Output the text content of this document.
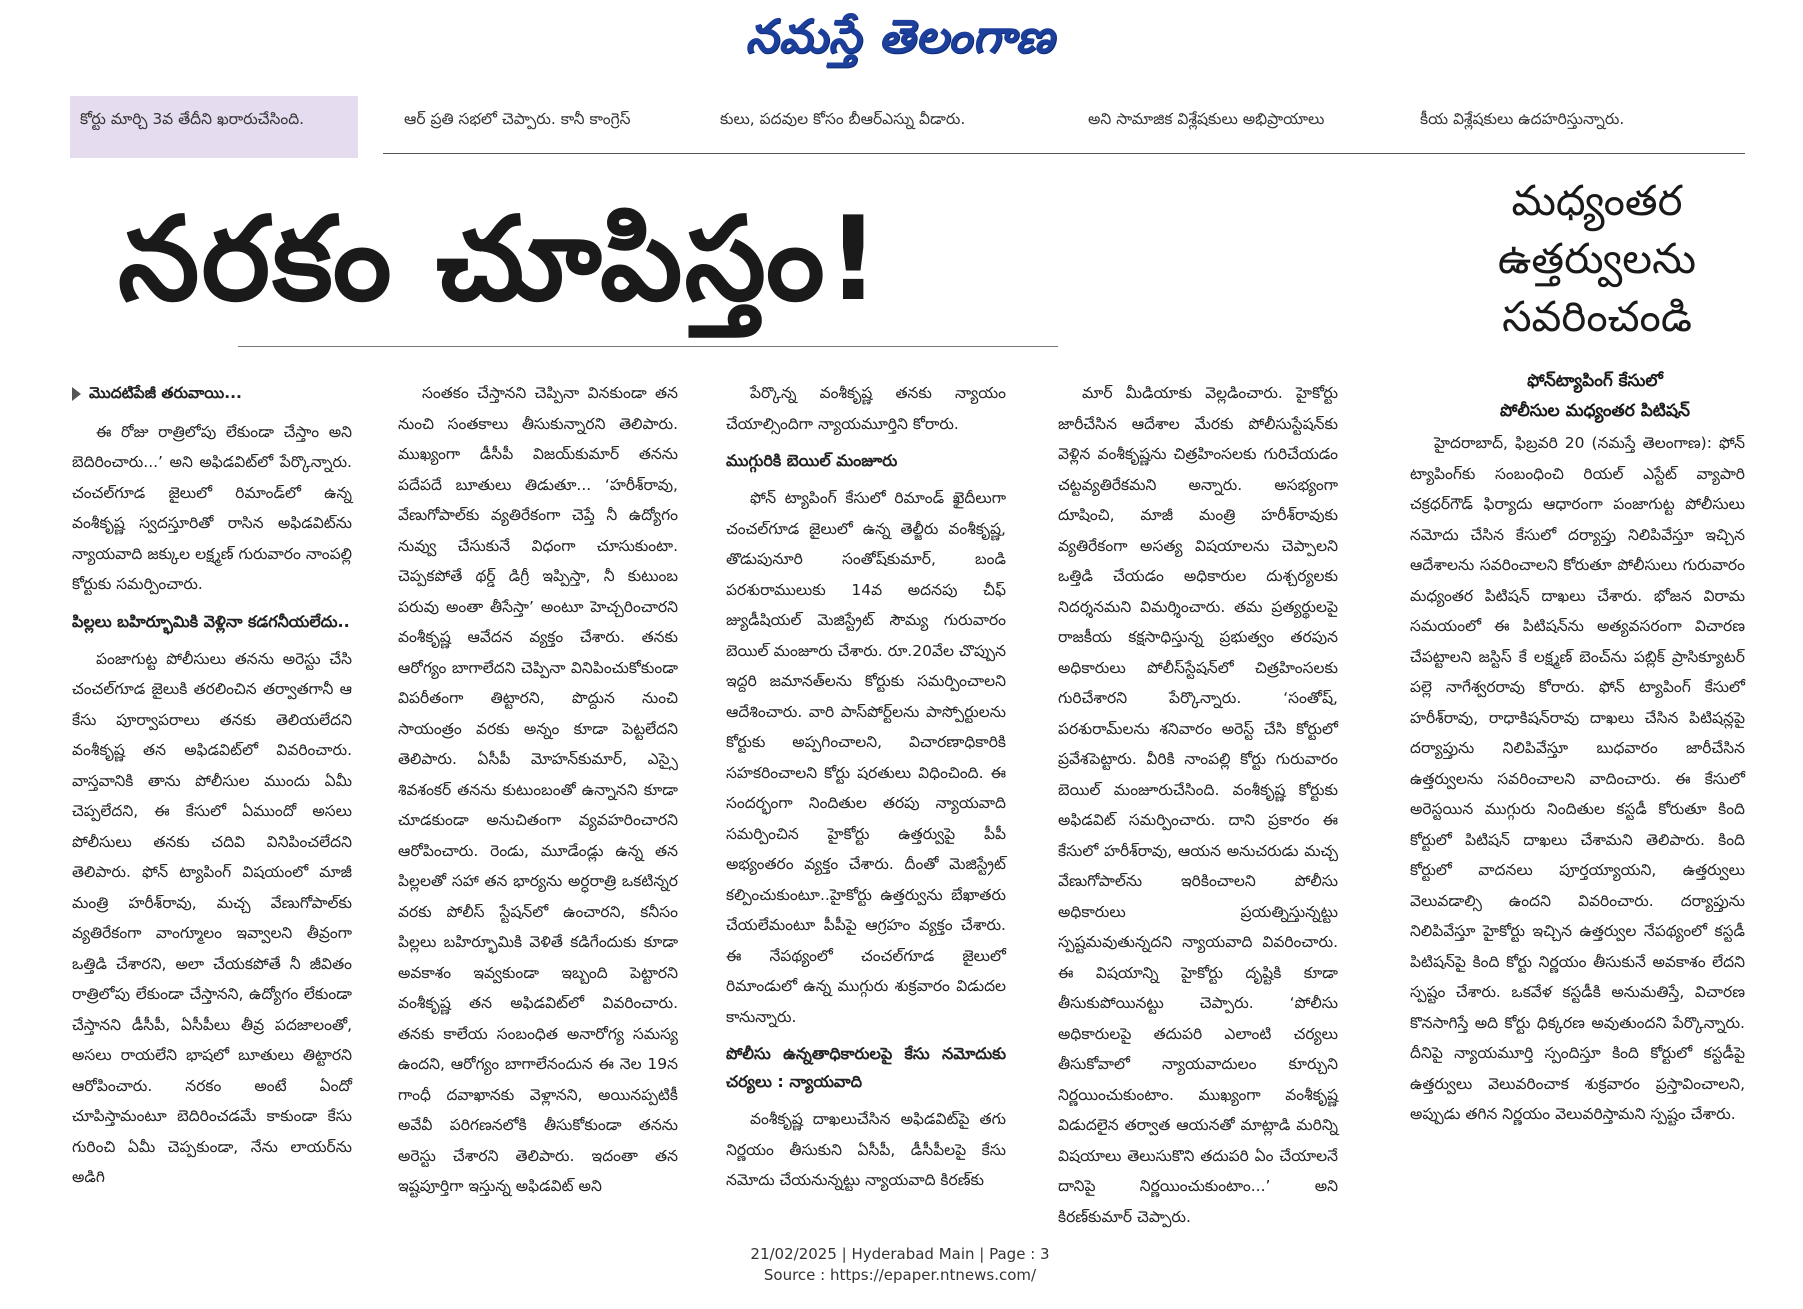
నమస్తే తెలంగాణ
కోర్టు మార్చి 3వ తేదీని ఖరారుచేసింది.	ఆర్ ప్రతి సభలో చెప్పారు. కానీ కాంగ్రెస్	కులు, పదవుల కోసం బీఆర్ఎస్ను వీడారు.	అని సామాజిక విశ్లేషకులు అభిప్రాయాలు	కీయ విశ్లేషకులు ఉదహరిస్తున్నారు.
నరకం చూపిస్తం!	మధ్యంతర
ఉత్తర్వులను
సవరించండి
ఫోన్‌ట్యాపింగ్ కేసులో
పోలీసుల మధ్యంతర పిటిషన్

మొదటిపేజీ తరువాయి...

ఈ రోజు రాత్రిలోపు లేకుండా చేస్తాం అని బెదిరించారు...’ అని అఫిడవిట్‌లో పేర్కొన్నారు. చంచల్‌గూడ జైలులో రిమాండ్‌లో ఉన్న వంశీకృష్ణ స్వదస్తూరితో రాసిన అఫిడవిట్‌ను న్యాయవాది జక్కుల లక్ష్మణ్ గురువారం నాంపల్లి కోర్టుకు సమర్పించారు.

పిల్లలు బహిర్భూమికి వెళ్లినా కడగనీయలేదు..

పంజాగుట్ట పోలీసులు తనను అరెస్టు చేసి చంచల్‌గూడ జైలుకి తరలించిన తర్వాతగానీ ఆ కేసు పూర్వాపరాలు తనకు తెలియలేదని వంశీకృష్ణ తన అఫిడవిట్‌లో వివరించారు. వాస్తవానికి తాను పోలీసుల ముందు ఏమీ చెప్పలేదని, ఈ కేసులో ఏముందో అసలు పోలీసులు తనకు చదివి వినిపించలేదని తెలిపారు. ఫోన్ ట్యాపింగ్ విషయంలో మాజీ మంత్రి హరీశ్‌రావు, మచ్చ వేణుగోపాల్‌కు వ్యతిరేకంగా వాంగ్మూలం ఇవ్వాలని తీవ్రంగా ఒత్తిడి చేశారని, అలా చేయకపోతే నీ జీవితం రాత్రిలోపు లేకుండా చేస్తానని, ఉద్యోగం లేకుండా చేస్తానని డీసీపీ, ఏసీపీలు తీవ్ర పదజాలంతో, అసలు రాయలేని భాషలో బూతులు తిట్టారని ఆరోపించారు. నరకం అంటే ఏందో చూపిస్తామంటూ బెదిరించడమే కాకుండా కేసు గురించి ఏమీ చెప్పకుండా, నేను లాయర్‌ను అడిగి

సంతకం చేస్తానని చెప్పినా వినకుండా తన నుంచి సంతకాలు తీసుకున్నారని తెలిపారు. ముఖ్యంగా డీసీపీ విజయ్‌కుమార్ తనను పదేపదే బూతులు తిడుతూ... ‘హరీశ్‌రావు, వేణుగోపాల్‌కు వ్యతిరేకంగా చెప్తే నీ ఉద్యోగం నువ్వు చేసుకునే విధంగా చూసుకుంటా. చెప్పకపోతే థర్డ్ డిగ్రీ ఇప్పిస్తా, నీ కుటుంబ పరువు అంతా తీసేస్తా’ అంటూ హెచ్చరించారని వంశీకృష్ణ ఆవేదన వ్యక్తం చేశారు. తనకు ఆరోగ్యం బాగాలేదని చెప్పినా వినిపించుకోకుండా విపరీతంగా తిట్టారని, పొద్దున నుంచి సాయంత్రం వరకు అన్నం కూడా పెట్టలేదని తెలిపారు. ఏసీపీ మోహన్‌కుమార్, ఎస్సై శివశంకర్ తనను కుటుంబంతో ఉన్నానని కూడా చూడకుండా అనుచితంగా వ్యవహరించారని ఆరోపించారు. రెండు, మూడేండ్లు ఉన్న తన పిల్లలతో సహా తన భార్యను అర్ధరాత్రి ఒకటిన్నర వరకు పోలీస్ స్టేషన్‌లో ఉంచారని, కనీసం పిల్లలు బహిర్భూమికి వెళితే కడిగేందుకు కూడా అవకాశం ఇవ్వకుండా ఇబ్బంది పెట్టారని వంశీకృష్ణ తన అఫిడవిట్‌లో వివరించారు. తనకు కాలేయ సంబంధిత అనారోగ్య సమస్య ఉందని, ఆరోగ్యం బాగాలేనందున ఈ నెల 19న గాంధీ దవాఖానకు వెళ్లానని, అయినప్పటికీ అవేవీ పరిగణనలోకి తీసుకోకుండా తనను అరెస్టు చేశారని తెలిపారు. ఇదంతా తన ఇష్టపూర్తిగా ఇస్తున్న అఫిడవిట్ అని

పేర్కొన్న వంశీకృష్ణ తనకు న్యాయం చేయాల్సిందిగా న్యాయమూర్తిని కోరారు.

ముగ్గురికి బెయిల్ మంజూరు

ఫోన్ ట్యాపింగ్ కేసులో రిమాండ్ ఖైదీలుగా చంచల్‌గూడ జైలులో ఉన్న తెల్జీరు వంశీకృష్ణ, తొడుపునూరి సంతోష్‌కుమార్, బండి పరశురాములుకు 14వ అదనపు చీఫ్ జ్యుడీషియల్ మెజిస్ట్రేట్ సౌమ్య గురువారం బెయిల్ మంజూరు చేశారు. రూ.20వేల చొప్పున ఇద్దరి జమానత్‌లను కోర్టుకు సమర్పించాలని ఆదేశించారు. వారి పాస్‌పోర్ట్‌లను పాస్పోర్టులను కోర్టుకు అప్పగించాలని, విచారణాధికారికి సహకరించాలని కోర్టు షరతులు విధించింది. ఈ సందర్భంగా నిందితుల తరపు న్యాయవాది సమర్పించిన హైకోర్టు ఉత్తర్వుపై పీపీ అభ్యంతరం వ్యక్తం చేశారు. దీంతో మెజిస్ట్రేట్ కల్పించుకుంటూ..హైకోర్టు ఉత్తర్వును బేఖాతరు చేయలేమంటూ పీపీపై ఆగ్రహం వ్యక్తం చేశారు. ఈ నేపథ్యంలో చంచల్‌గూడ జైలులో రిమాండులో ఉన్న ముగ్గురు శుక్రవారం విడుదల కానున్నారు.

పోలీసు ఉన్నతాధికారులపై కేసు నమోదుకు చర్యలు : న్యాయవాది

వంశీకృష్ణ దాఖలుచేసిన అఫిడవిట్‌పై తగు నిర్ణయం తీసుకుని ఏసీపీ, డీసీపీలపై కేసు నమోదు చేయనున్నట్టు న్యాయవాది కిరణ్‌కు

మార్ మీడియాకు వెల్లడించారు. హైకోర్టు జారీచేసిన ఆదేశాల మేరకు పోలీసుస్టేషన్‌కు వెళ్లిన వంశీకృష్ణను చిత్రహింసలకు గురిచేయడం చట్టవ్యతిరేకమని అన్నారు. అసభ్యంగా దూషించి, మాజీ మంత్రి హరీశ్‌రావుకు వ్యతిరేకంగా అసత్య విషయాలను చెప్పాలని ఒత్తిడి చేయడం అధికారుల దుశ్చర్యలకు నిదర్శనమని విమర్శించారు. తమ ప్రత్యర్థులపై రాజకీయ కక్షసాధిస్తున్న ప్రభుత్వం తరపున అధికారులు పోలీస్‌స్టేషన్‌లో చిత్రహింసలకు గురిచేశారని పేర్కొన్నారు. ‘సంతోష్, పరశురామ్‌లను శనివారం అరెస్ట్ చేసి కోర్టులో ప్రవేశపెట్టారు. వీరికి నాంపల్లి కోర్టు గురువారం బెయిల్ మంజూరుచేసింది. వంశీకృష్ణ కోర్టుకు అఫిడవిట్ సమర్పించారు. దాని ప్రకారం ఈ కేసులో హరీశ్‌రావు, ఆయన అనుచరుడు మచ్చ వేణుగోపాల్‌ను ఇరికించాలని పోలీసు అధికారులు ప్రయత్నిస్తున్నట్టు స్పష్టమవుతున్నదని న్యాయవాది వివరించారు. ఈ విషయాన్ని హైకోర్టు దృష్టికి కూడా తీసుకుపోయినట్టు చెప్పారు. ‘పోలీసు అధికారులపై తదుపరి ఎలాంటి చర్యలు తీసుకోవాలో న్యాయవాదులం కూర్చుని నిర్ణయించుకుంటాం. ముఖ్యంగా వంశీకృష్ణ విడుదలైన తర్వాత ఆయనతో మాట్లాడి మరిన్ని విషయాలు తెలుసుకొని తదుపరి ఏం చేయాలనే దానిపై నిర్ణయించుకుంటాం...’ అని కిరణ్‌కుమార్ చెప్పారు.

హైదరాబాద్, ఫిబ్రవరి 20 (నమస్తే తెలంగాణ): ఫోన్ ట్యాపింగ్‌కు సంబంధించి రియల్ ఎస్టేట్ వ్యాపారి చక్రధర్‌గౌడ్ ఫిర్యాదు ఆధారంగా పంజాగుట్ట పోలీసులు నమోదు చేసిన కేసులో దర్యాప్తు నిలిపివేస్తూ ఇచ్చిన ఆదేశాలను సవరించాలని కోరుతూ పోలీసులు గురువారం మధ్యంతర పిటిషన్ దాఖలు చేశారు. భోజన విరామ సమయంలో ఈ పిటిషన్‌ను అత్యవసరంగా విచారణ చేపట్టాలని జస్టిస్ కే లక్ష్మణ్ బెంచ్‌ను పబ్లిక్ ప్రాసిక్యూటర్ పల్లె నాగేశ్వరరావు కోరారు. ఫోన్ ట్యాపింగ్ కేసులో హరీశ్‌రావు, రాధాకిషన్‌రావు దాఖలు చేసిన పిటిషన్లపై దర్యాప్తును నిలిపివేస్తూ బుధవారం జారీచేసిన ఉత్తర్వులను సవరించాలని వాదించారు. ఈ కేసులో అరెస్టయిన ముగ్గురు నిందితుల కస్టడీ కోరుతూ కింది కోర్టులో పిటిషన్ దాఖలు చేశామని తెలిపారు. కింది కోర్టులో వాదనలు పూర్తయ్యాయని, ఉత్తర్వులు వెలువడాల్సి ఉందని వివరించారు. దర్యాప్తును నిలిపివేస్తూ హైకోర్టు ఇచ్చిన ఉత్తర్వుల నేపథ్యంలో కస్టడీ పిటిషన్‌పై కింది కోర్టు నిర్ణయం తీసుకునే అవకాశం లేదని స్పష్టం చేశారు. ఒకవేళ కస్టడీకి అనుమతిస్తే, విచారణ కొనసాగిస్తే అది కోర్టు ధిక్కరణ అవుతుందని పేర్కొన్నారు. దీనిపై న్యాయమూర్తి స్పందిస్తూ కింది కోర్టులో కస్టడీపై ఉత్తర్వులు వెలువరించాక శుక్రవారం ప్రస్తావించాలని, అప్పుడు తగిన నిర్ణయం వెలువరిస్తామని స్పష్టం చేశారు.

21/02/2025 | Hyderabad Main | Page : 3
Source : https://epaper.ntnews.com/
